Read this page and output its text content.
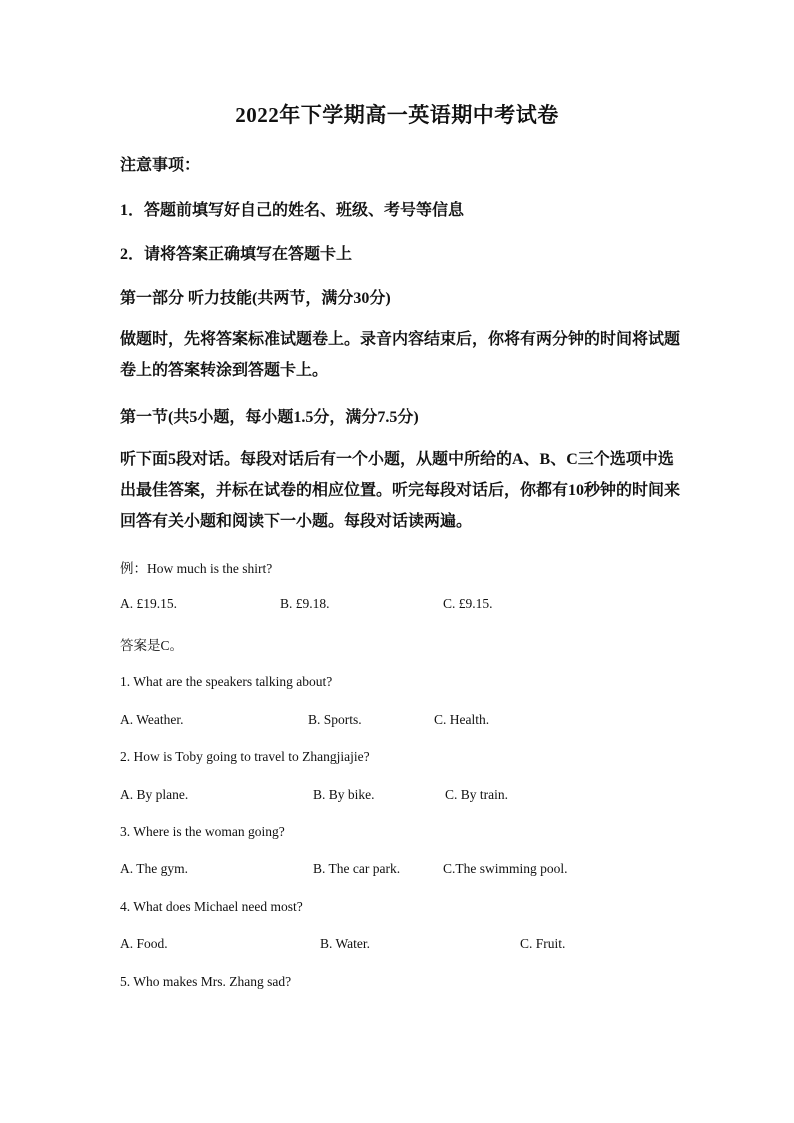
2022年下学期高一英语期中考试卷
注意事项：
1．答题前填写好自己的姓名、班级、考号等信息
2．请将答案正确填写在答题卡上
第一部分 听力技能(共两节，满分30分)
做题时，先将答案标准试题卷上。录音内容结束后，你将有两分钟的时间将试题卷上的答案转涂到答题卡上。
第一节(共5小题，每小题1.5分，满分7.5分)
听下面5段对话。每段对话后有一个小题，从题中所给的A、B、C三个选项中选出最佳答案，并标在试卷的相应位置。听完每段对话后，你都有10秒钟的时间来回答有关小题和阅读下一小题。每段对话读两遍。
例：How much is the shirt?
A. £19.15.	B. £9.18.	C. £9.15.
答案是C。
1. What are the speakers talking about?
A. Weather.	B. Sports.	C. Health.
2. How is Toby going to travel to Zhangjiajie?
A. By plane.	B. By bike.	C. By train.
3. Where is the woman going?
A. The gym.	B. The car park.	C.The swimming pool.
4. What does Michael need most?
A. Food.	B. Water.	C. Fruit.
5. Who makes Mrs. Zhang sad?
